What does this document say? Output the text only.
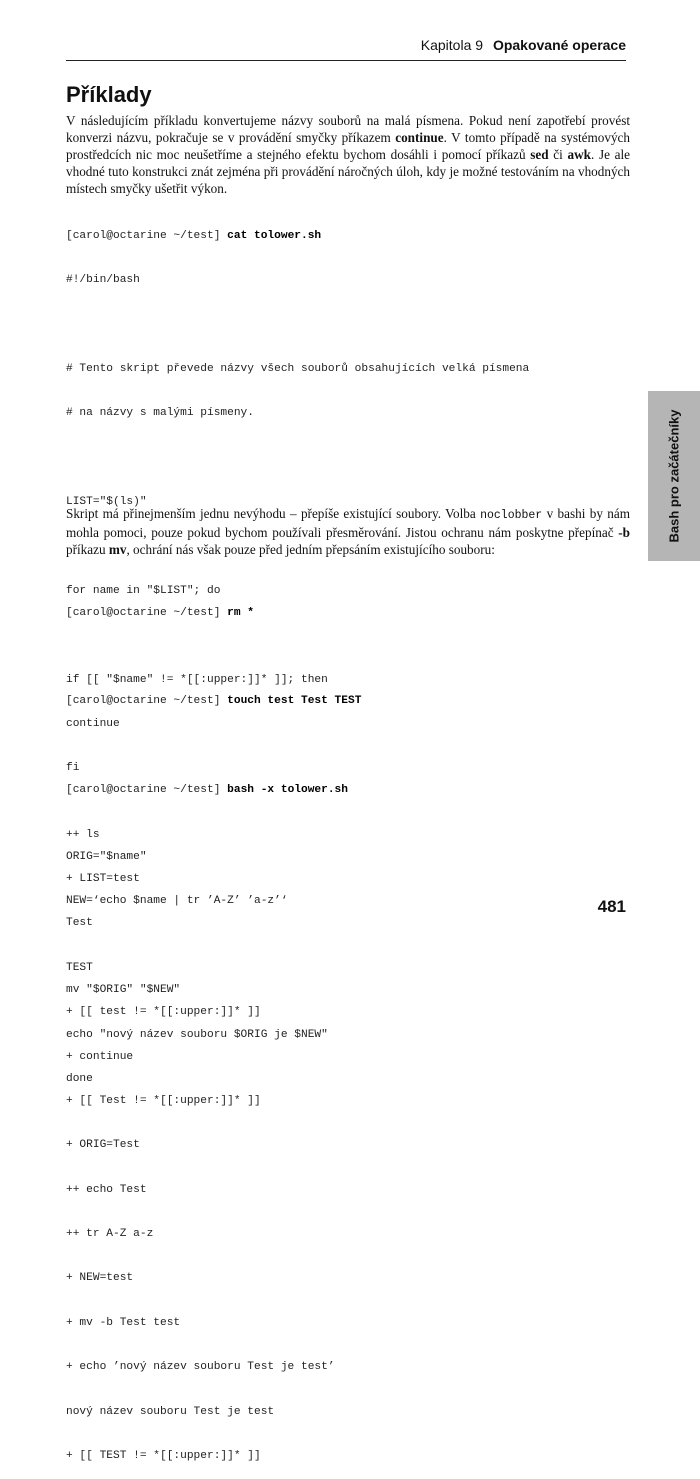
Kapitola 9 Opakované operace
Příklady

V následujícím příkladu konvertujeme názvy souborů na malá písmena. Pokud není zapotřebí provést konverzi názvu, pokračuje se v provádění smyčky příkazem continue. V tomto případě na systémových prostředcích nic moc neušetříme a stejného efektu bychom dosáhli i pomocí příkazů sed či awk. Je ale vhodné tuto konstrukci znát zejména při provádění náročných úloh, kdy je možné testováním na vhodných místech smyčky ušetřit výkon.

[carol@octarine ~/test] cat tolower.sh

#!/bin/bash

# Tento skript převede názvy všech souborů obsahujících velká písmena

# na názvy s malými písmeny.

LIST="$(ls)"

for name in "$LIST"; do

if [[ "$name" != *[[:upper:]]* ]]; then

continue

fi

ORIG="$name"

NEW=‘echo $name | tr ’A-Z’ ’a-z’‘

mv "$ORIG" "$NEW"

echo "nový název souboru $ORIG je $NEW"

done

Skript má přinejmenším jednu nevýhodu – přepíše existující soubory. Volba noclobber v bashi by nám mohla pomoci, pouze pokud bychom používali přesměrování. Jistou ochranu nám poskytne přepínač -b příkazu mv, ochrání nás však pouze před jedním přepsáním existujícího souboru:

[carol@octarine ~/test] rm *

[carol@octarine ~/test] touch test Test TEST

[carol@octarine ~/test] bash -x tolower.sh

++ ls

+ LIST=test

Test

TEST

+ [[ test != *[[:upper:]]* ]]

+ continue

+ [[ Test != *[[:upper:]]* ]]

+ ORIG=Test

++ echo Test

++ tr A-Z a-z

+ NEW=test

+ mv -b Test test

+ echo ’nový název souboru Test je test’

nový název souboru Test je test

+ [[ TEST != *[[:upper:]]* ]]

Bash pro začátečníky
481
